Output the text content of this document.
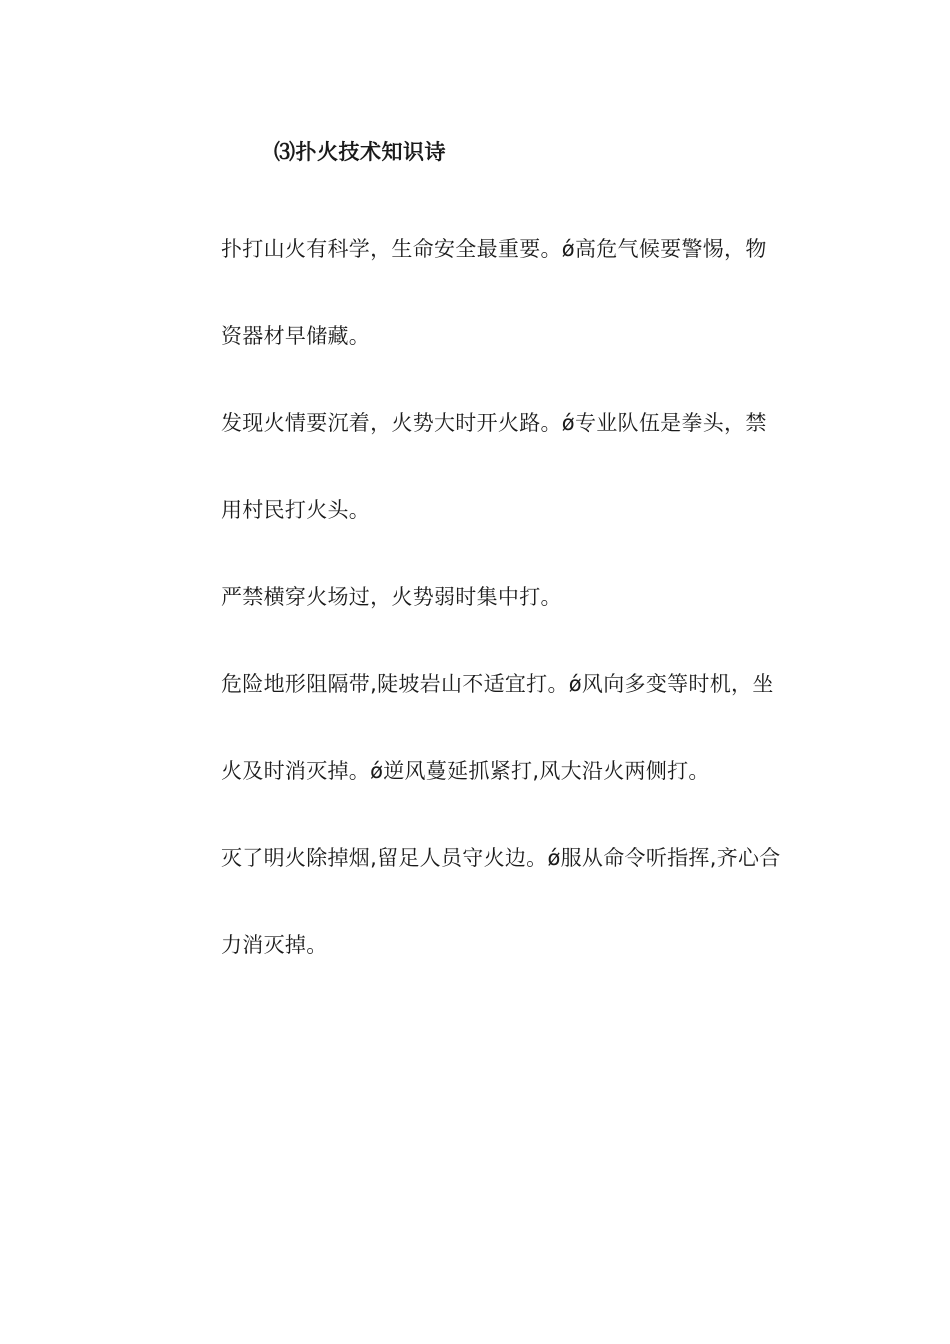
⑶扑火技术知识诗
扑打山火有科学，生命安全最重要。ǿ高危气候要警惕，物
资器材早储藏。
发现火情要沉着，火势大时开火路。ǿ专业队伍是拳头，禁
用村民打火头。
严禁横穿火场过，火势弱时集中打。
危险地形阻隔带,陡坡岩山不适宜打。ǿ风向多变等时机，坐
火及时消灭掉。ǿ逆风蔓延抓紧打,风大沿火两侧打。
灭了明火除掉烟,留足人员守火边。ǿ服从命令听指挥,齐心合
力消灭掉。
